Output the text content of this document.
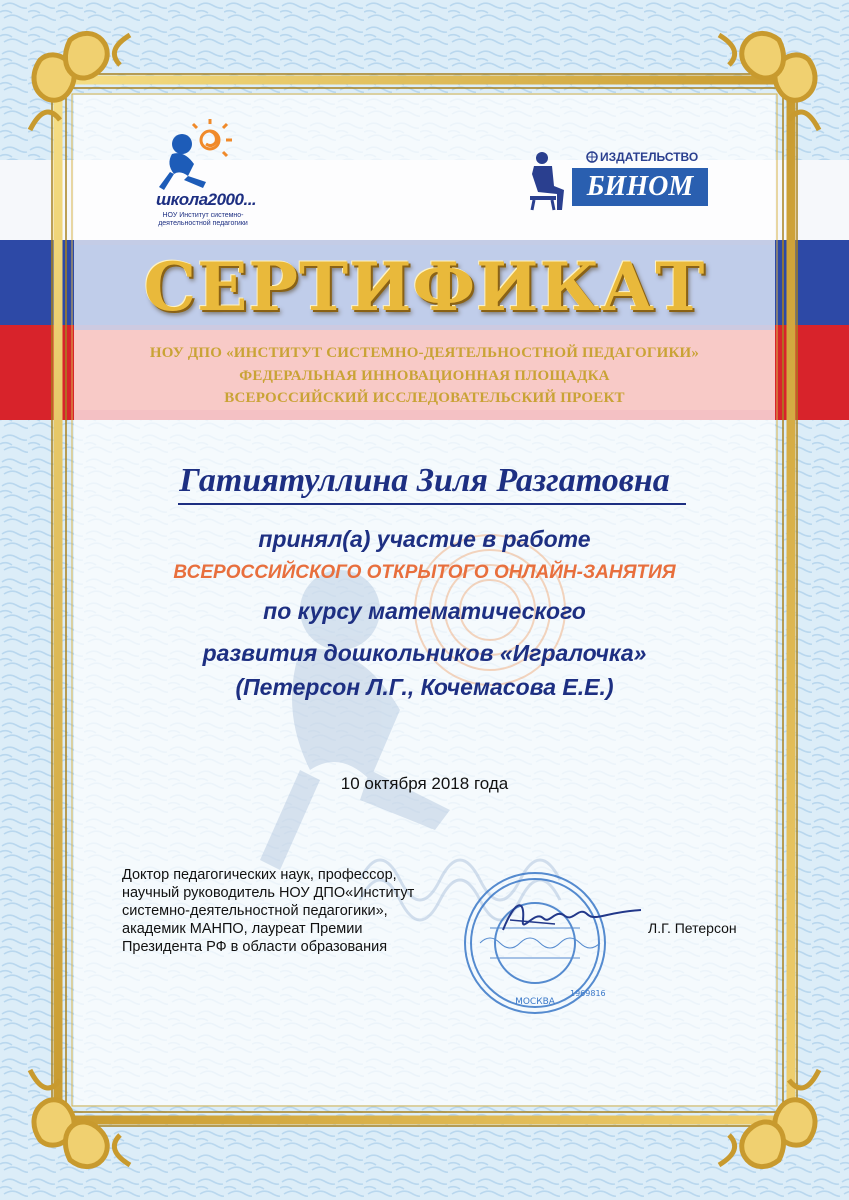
школа2000...
НОУ Институт системно-деятельностной педагогики
ИЗДАТЕЛЬСТВО
БИНОМ
СЕРТИФИКАТ
НОУ ДПО «ИНСТИТУТ СИСТЕМНО-ДЕЯТЕЛЬНОСТНОЙ ПЕДАГОГИКИ»
ФЕДЕРАЛЬНАЯ ИННОВАЦИОННАЯ ПЛОЩАДКА
ВСЕРОССИЙСКИЙ ИССЛЕДОВАТЕЛЬСКИЙ ПРОЕКТ
Гатиятуллина Зиля Разгатовна
принял(а) участие в работе
ВСЕРОССИЙСКОГО ОТКРЫТОГО ОНЛАЙН-ЗАНЯТИЯ
по курсу математического
развития дошкольников «Игралочка»
(Петерсон Л.Г., Кочемасова Е.Е.)
10 октября 2018 года
Доктор педагогических наук, профессор,
научный руководитель НОУ ДПО«Институт
системно-деятельностной педагогики»,
академик МАНПО, лауреат Премии
Президента РФ в области образования
МОСКВА
1969816
Л.Г. Петерсон
